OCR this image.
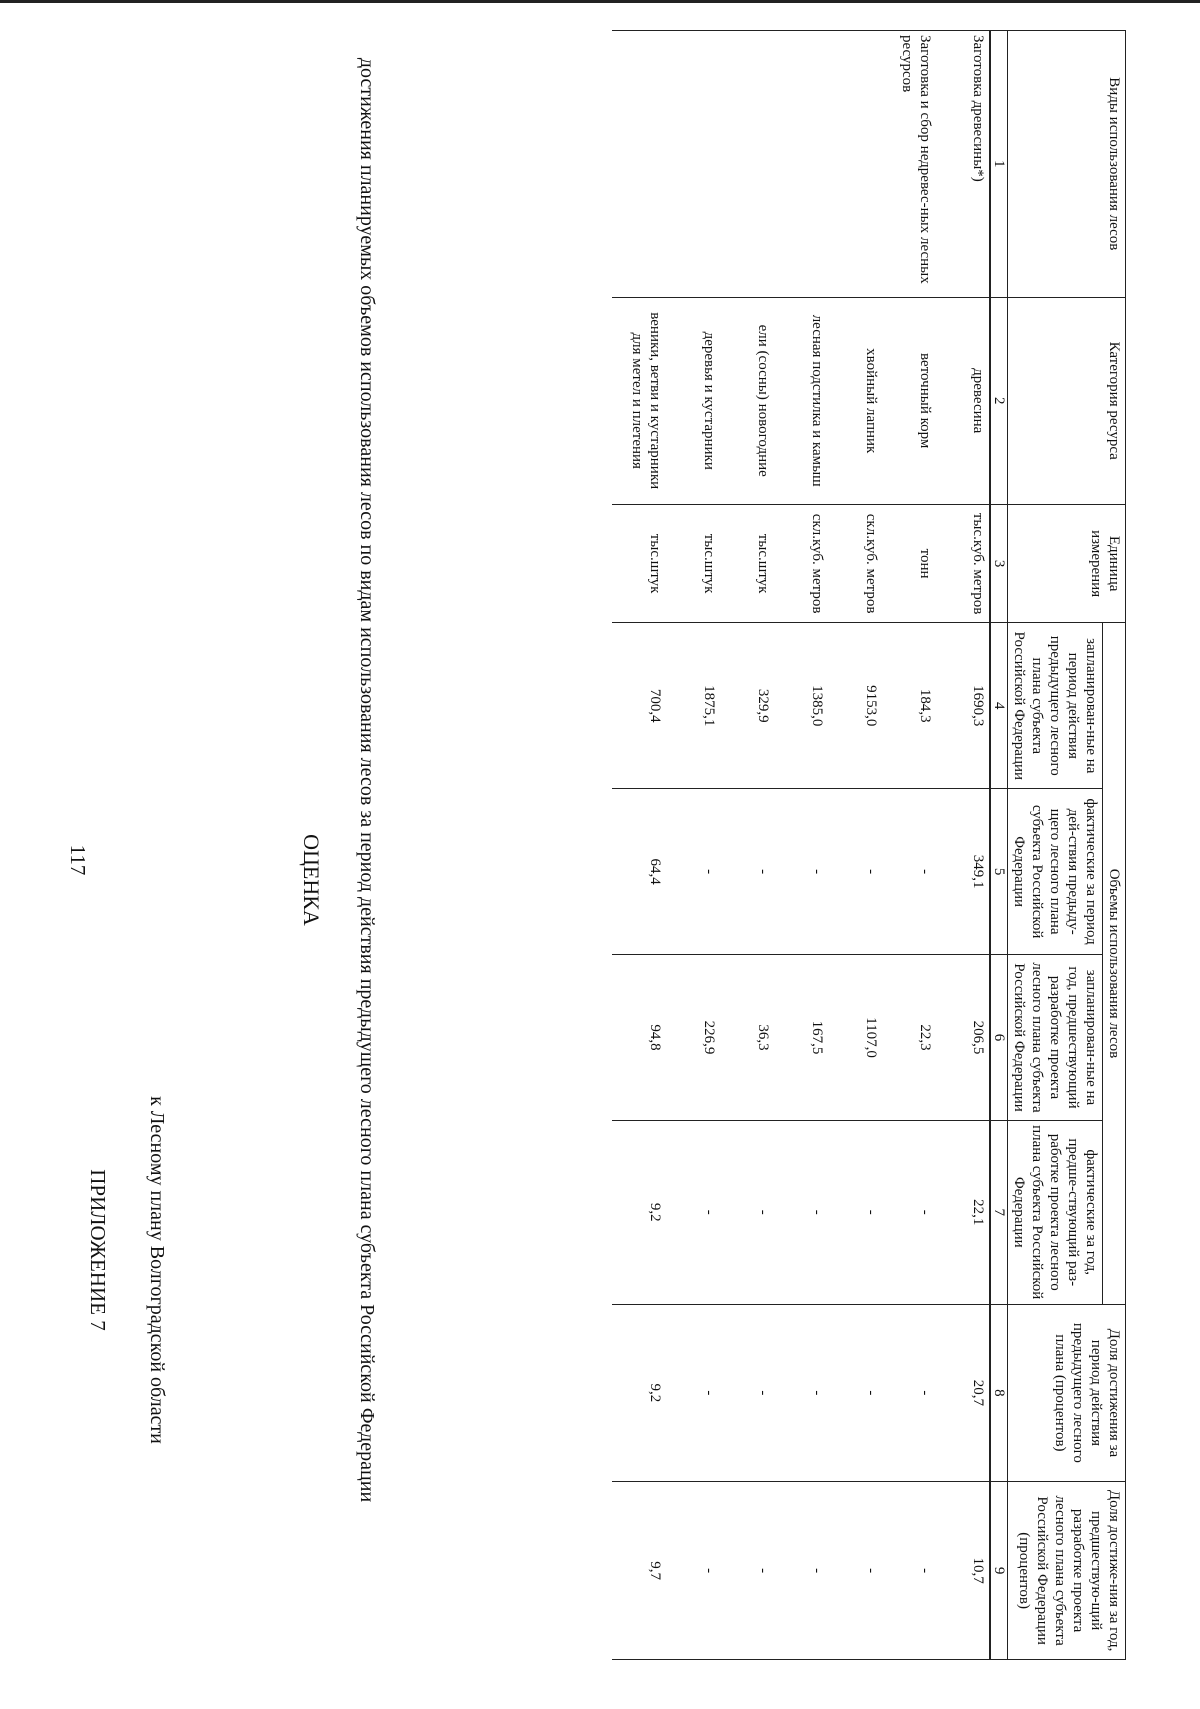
117
ПРИЛОЖЕНИЕ 7 к Лесному плану Волгоградской области
ОЦЕНКА достижения планируемых объемов использования лесов по видам использования лесов за период действия предыдущего лесного плана субъекта Российской Федерации	Виды использования лесов	Категория ресурса	Единица измерения	Объемы использования лесов				Доля достижения за период действия предыдущего лесного плана (процентов)	Доля достиже-ния за год, предшествую-щий разработке проекта лесного плана субъекта Российской Федерации (процентов)
			запланирован-ные на период действия предыдущего лесного плана субъекта Российской Федерации	фактические за период дей-ствия предыду-щего лесного плана субъекта Российской Федерации	запланирован-ные на год, предшествующий разработке проекта лесного плана субъекта Российской Федерации	фактические за год, предше-ствующий раз-работке проекта лесного плана субъекта Российской Федерации		
1	2	3	4	5	6	7	8	9
Заготовка древесины*)	древесина	тыс.куб. метров	1690,3	349,1	206,5	22,1	20,7	10,7
Заготовка и сбор недревес-ных лесных ресурсов	веточный корм	тонн	184,3	-	22,3	-	-	-
	хвойный лапник	скл.куб. метров	9153,0	-	1107,0	-	-	-
	лесная подстилка и камыш	скл.куб. метров	1385,0	-	167,5	-	-	-
	ели (сосны) новогодние	тыс.штук	329,9	-	36,3	-	-	-
	деревья и кустарники	тыс.штук	1875,1	-	226,9	-	-	-
	веники, ветви и кустарники для метел и плетения	тыс.штук	700,4	64,4	94,8	9,2	9,2	9,7
